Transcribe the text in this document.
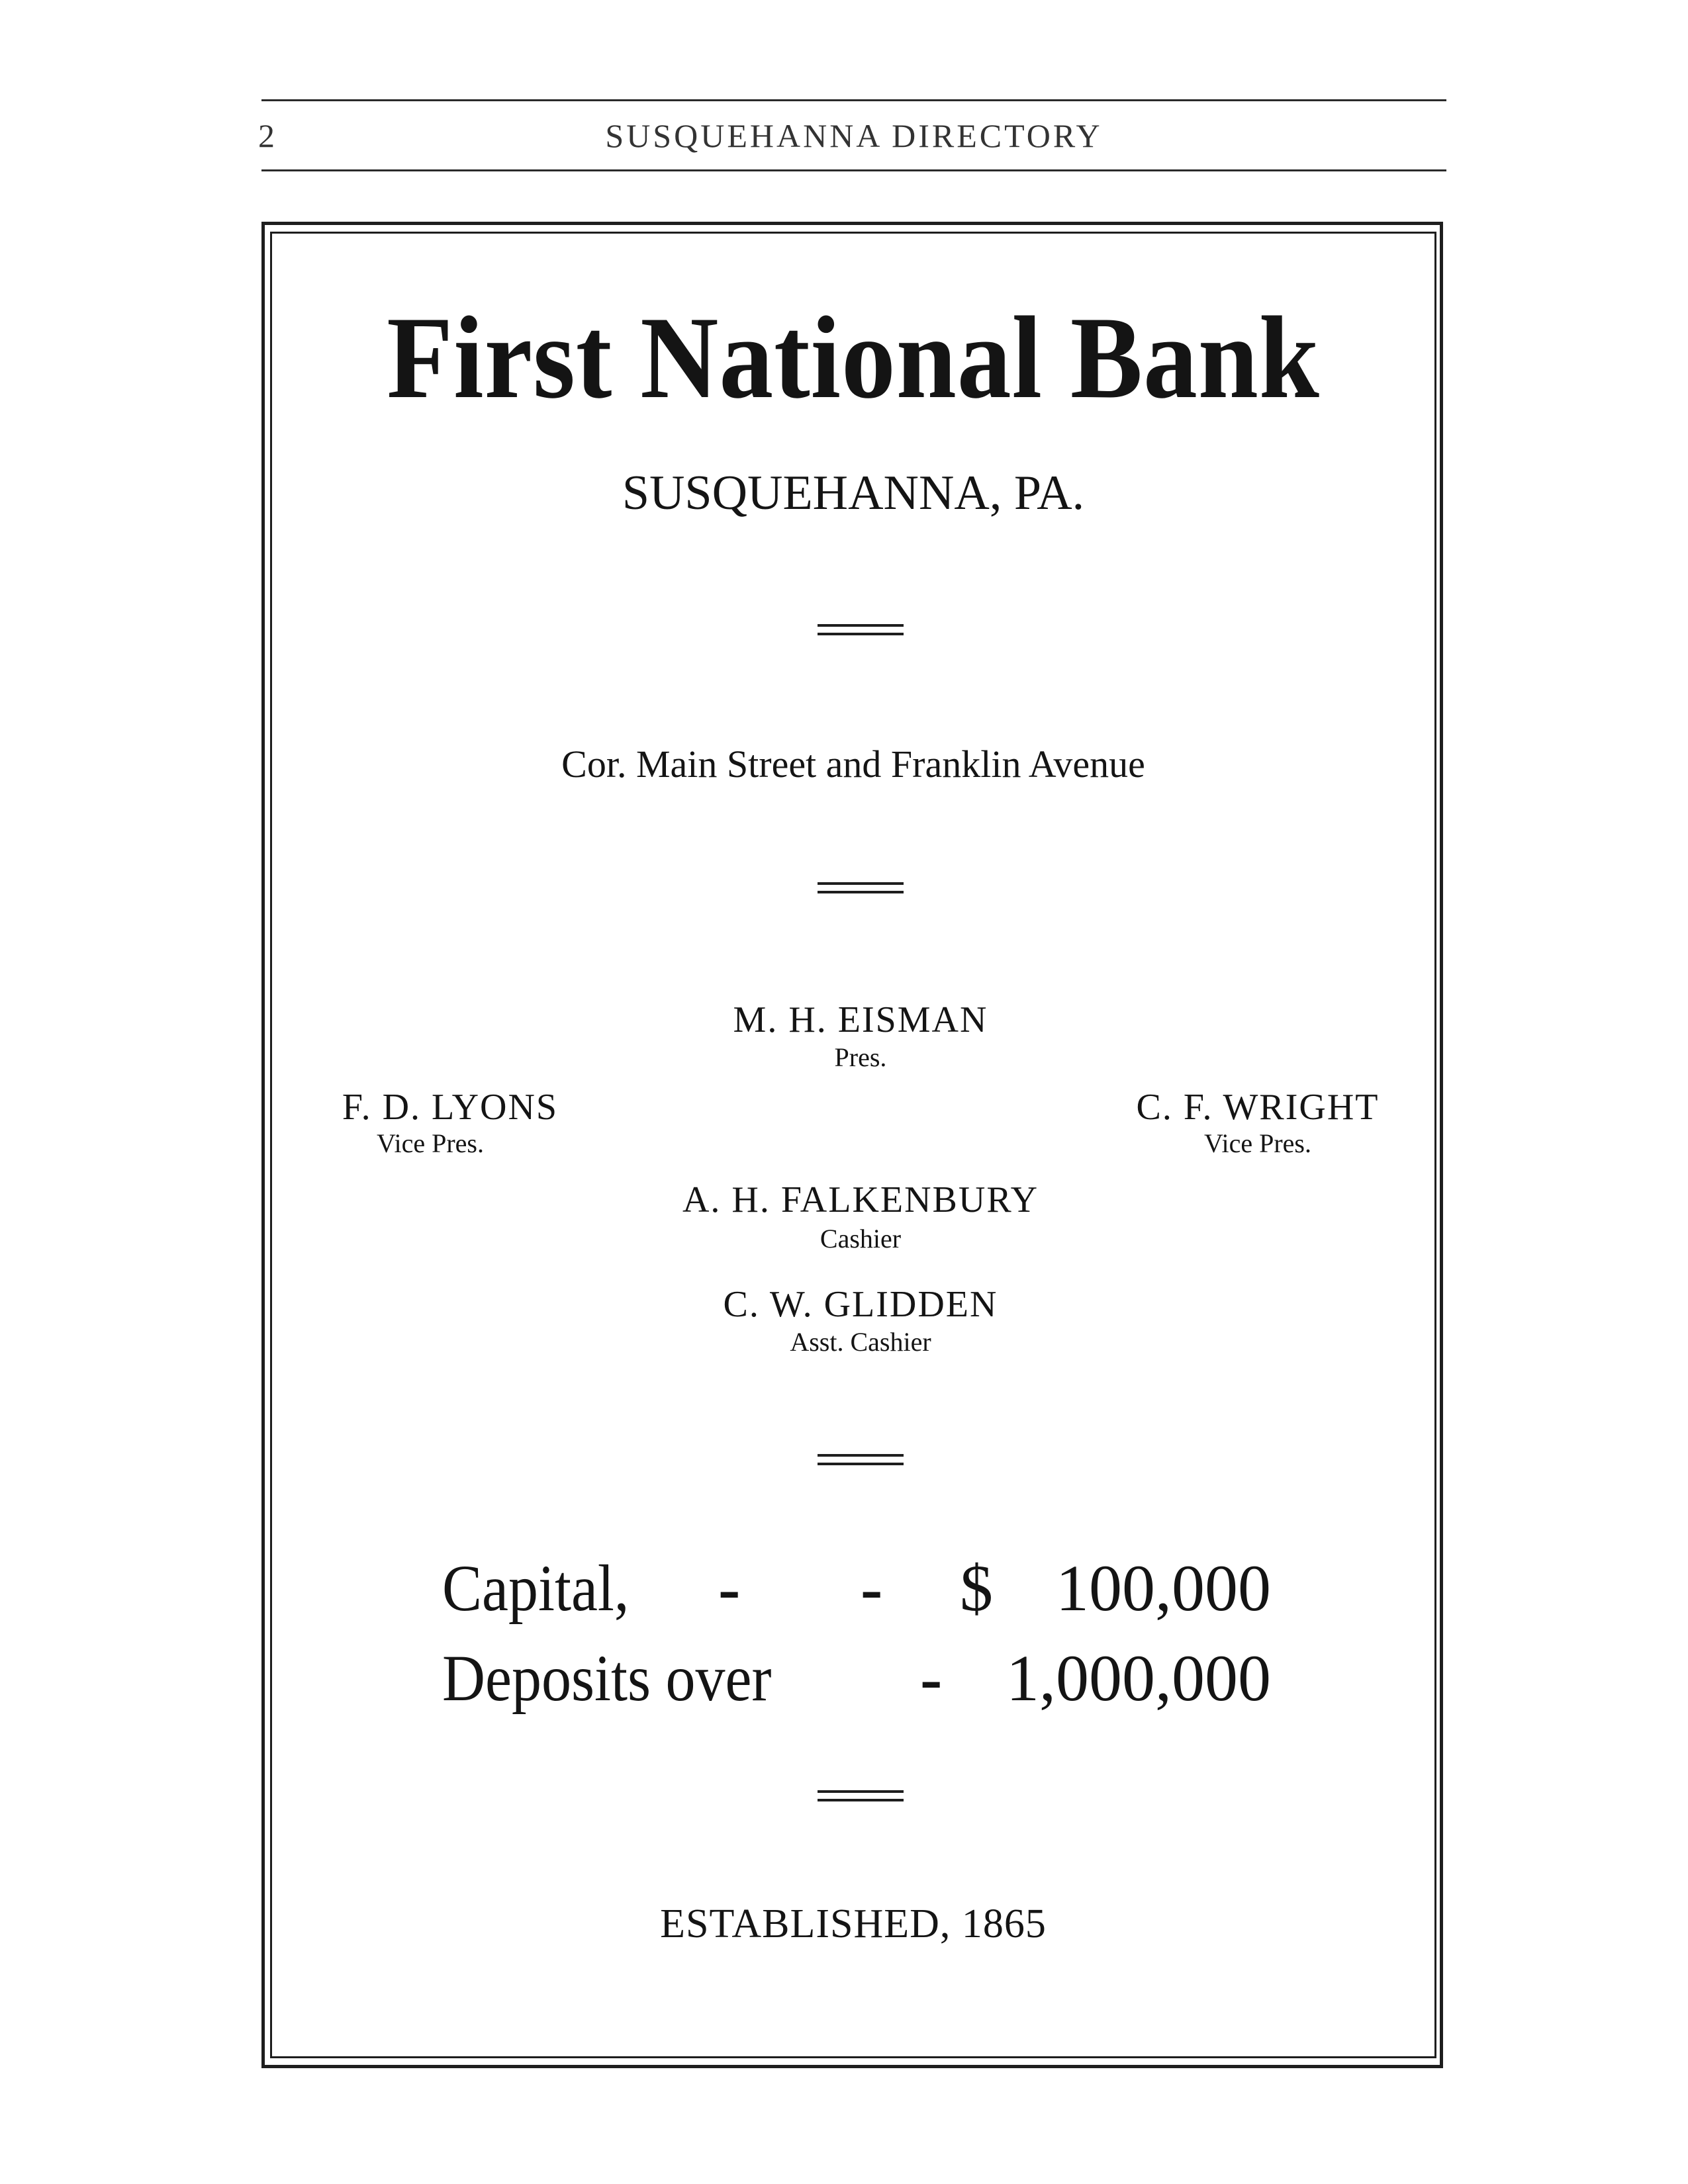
2	SUSQUEHANNA DIRECTORY
First National Bank
SUSQUEHANNA, PA.
Cor. Main Street and Franklin Avenue
M. H. EISMAN
Pres.
F. D. LYONS
Vice Pres.
C. F. WRIGHT
Vice Pres.
A. H. FALKENBURY
Cashier
C. W. GLIDDEN
Asst. Cashier
Capital, - - $ 100,000
Deposits over - 1,000,000
ESTABLISHED, 1865
